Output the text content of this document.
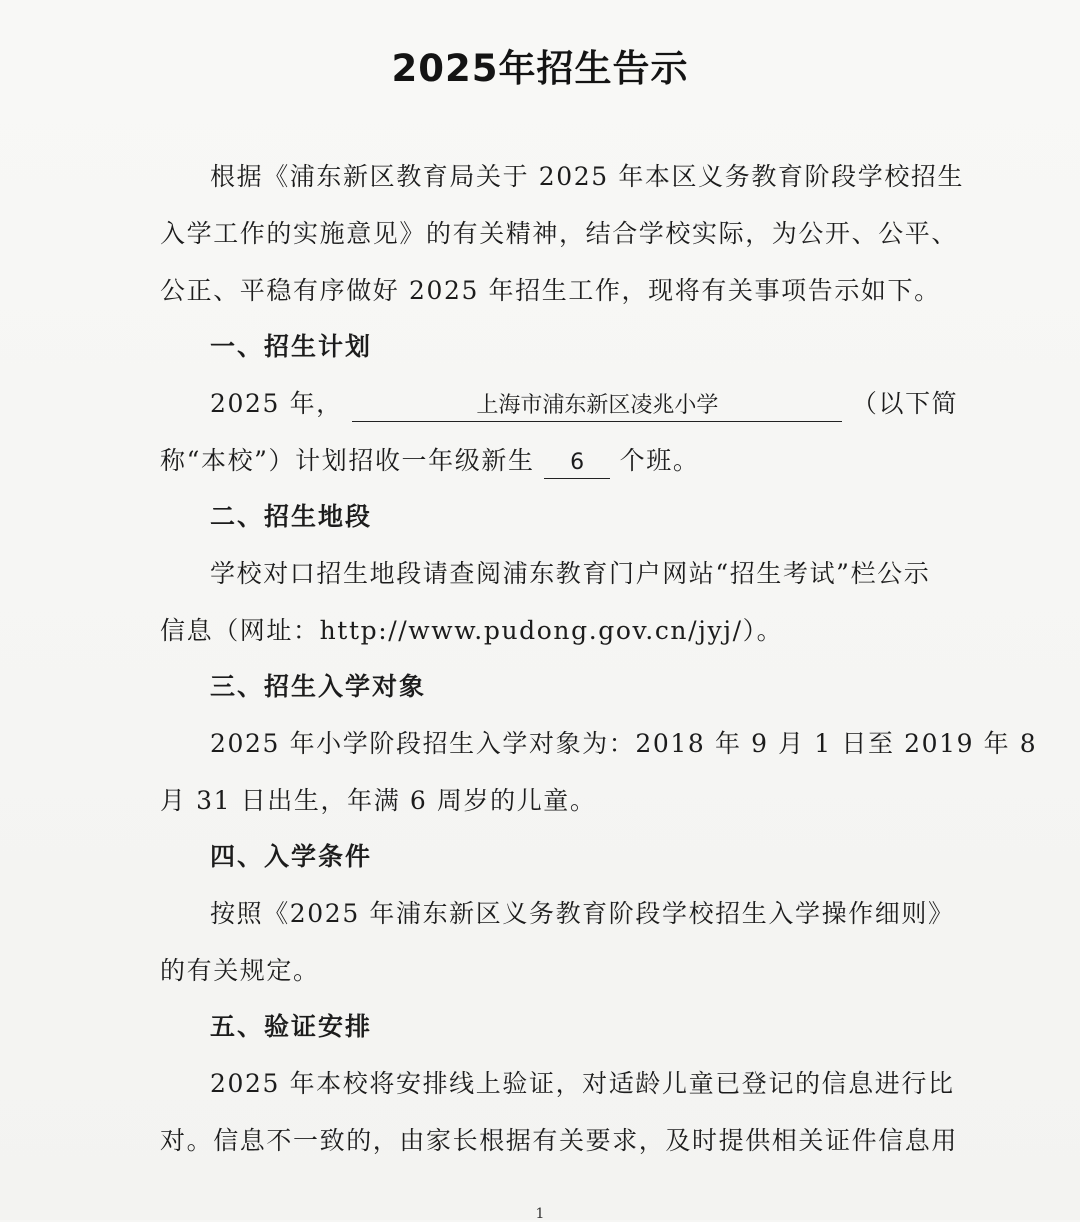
2025年招生告示
根据《浦东新区教育局关于 2025 年本区义务教育阶段学校招生
入学工作的实施意见》的有关精神，结合学校实际，为公开、公平、
公正、平稳有序做好 2025 年招生工作，现将有关事项告示如下。
一、招生计划
2025 年，	上海市浦东新区凌兆小学	（以下简
称“本校”）计划招收一年级新生 6 个班。
二、招生地段
学校对口招生地段请查阅浦东教育门户网站“招生考试”栏公示
信息（网址：http://www.pudong.gov.cn/jyj/）。
三、招生入学对象
2025 年小学阶段招生入学对象为：2018 年 9 月 1 日至 2019 年 8
月 31 日出生，年满 6 周岁的儿童。
四、入学条件
按照《2025 年浦东新区义务教育阶段学校招生入学操作细则》
的有关规定。
五、验证安排
2025 年本校将安排线上验证，对适龄儿童已登记的信息进行比
对。信息不一致的，由家长根据有关要求，及时提供相关证件信息用
1
